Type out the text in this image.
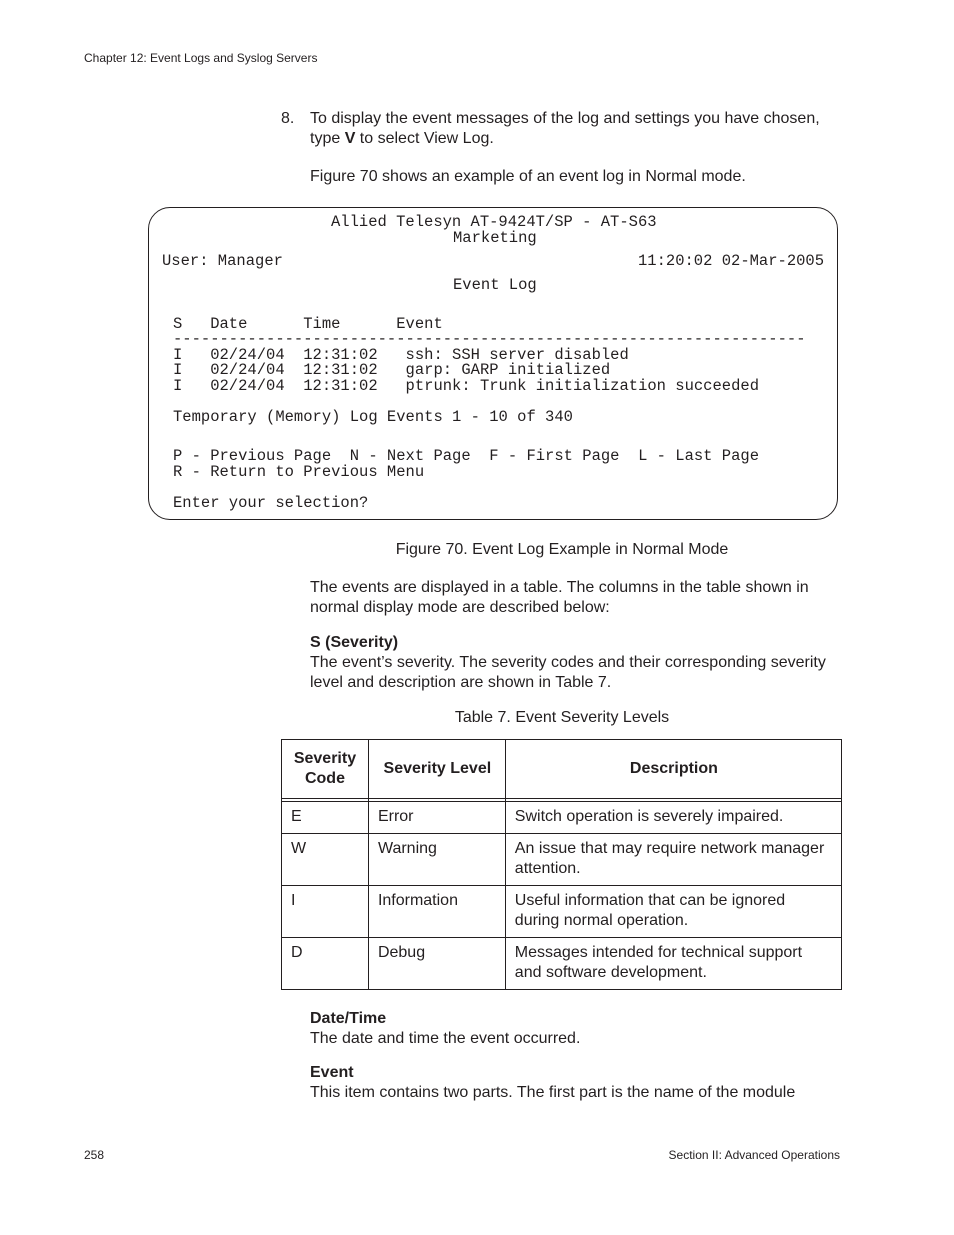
Chapter 12: Event Logs and Syslog Servers
8. To display the event messages of the log and settings you have chosen, type V to select View Log.
Figure 70 shows an example of an event log in Normal mode.
Allied Telesyn AT-9424T/SP - AT-S63
Marketing
User: Manager	11:20:02 02-Mar-2005
Event Log
S   Date      Time      Event
--------------------------------------------------------------------
I   02/24/04  12:31:02   ssh: SSH server disabled
I   02/24/04  12:31:02   garp: GARP initialized
I   02/24/04  12:31:02   ptrunk: Trunk initialization succeeded
Temporary (Memory) Log Events 1 - 10 of 340
P - Previous Page  N - Next Page  F - First Page  L - Last Page
R - Return to Previous Menu
Enter your selection?
Figure 70. Event Log Example in Normal Mode
The events are displayed in a table. The columns in the table shown in normal display mode are described below:
S (Severity)
The event’s severity. The severity codes and their corresponding severity level and description are shown in Table 7.
Table 7. Event Severity Levels
Severity Code	Severity Level	Description

E	Error	Switch operation is severely impaired.
W	Warning	An issue that may require network manager attention.
I	Information	Useful information that can be ignored during normal operation.
D	Debug	Messages intended for technical support and software development.
Date/Time
The date and time the event occurred.
Event
This item contains two parts. The first part is the name of the module
258	Section II: Advanced Operations
